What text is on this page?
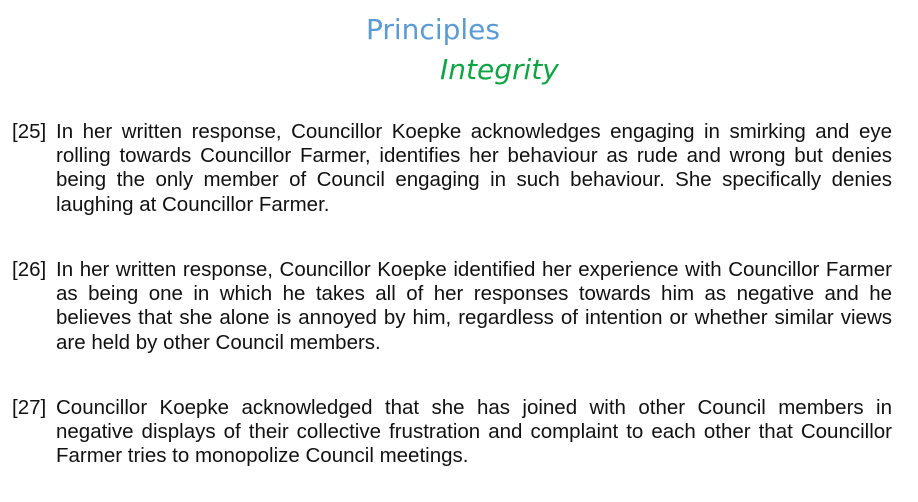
Principles
Integrity
[25] In her written response, Councillor Koepke acknowledges engaging in smirking and eye rolling towards Councillor Farmer, identifies her behaviour as rude and wrong but denies being the only member of Council engaging in such behaviour. She specifically denies laughing at Councillor Farmer.
[26] In her written response, Councillor Koepke identified her experience with Councillor Farmer as being one in which he takes all of her responses towards him as negative and he believes that she alone is annoyed by him, regardless of intention or whether similar views are held by other Council members.
[27] Councillor Koepke acknowledged that she has joined with other Council members in negative displays of their collective frustration and complaint to each other that Councillor Farmer tries to monopolize Council meetings.
